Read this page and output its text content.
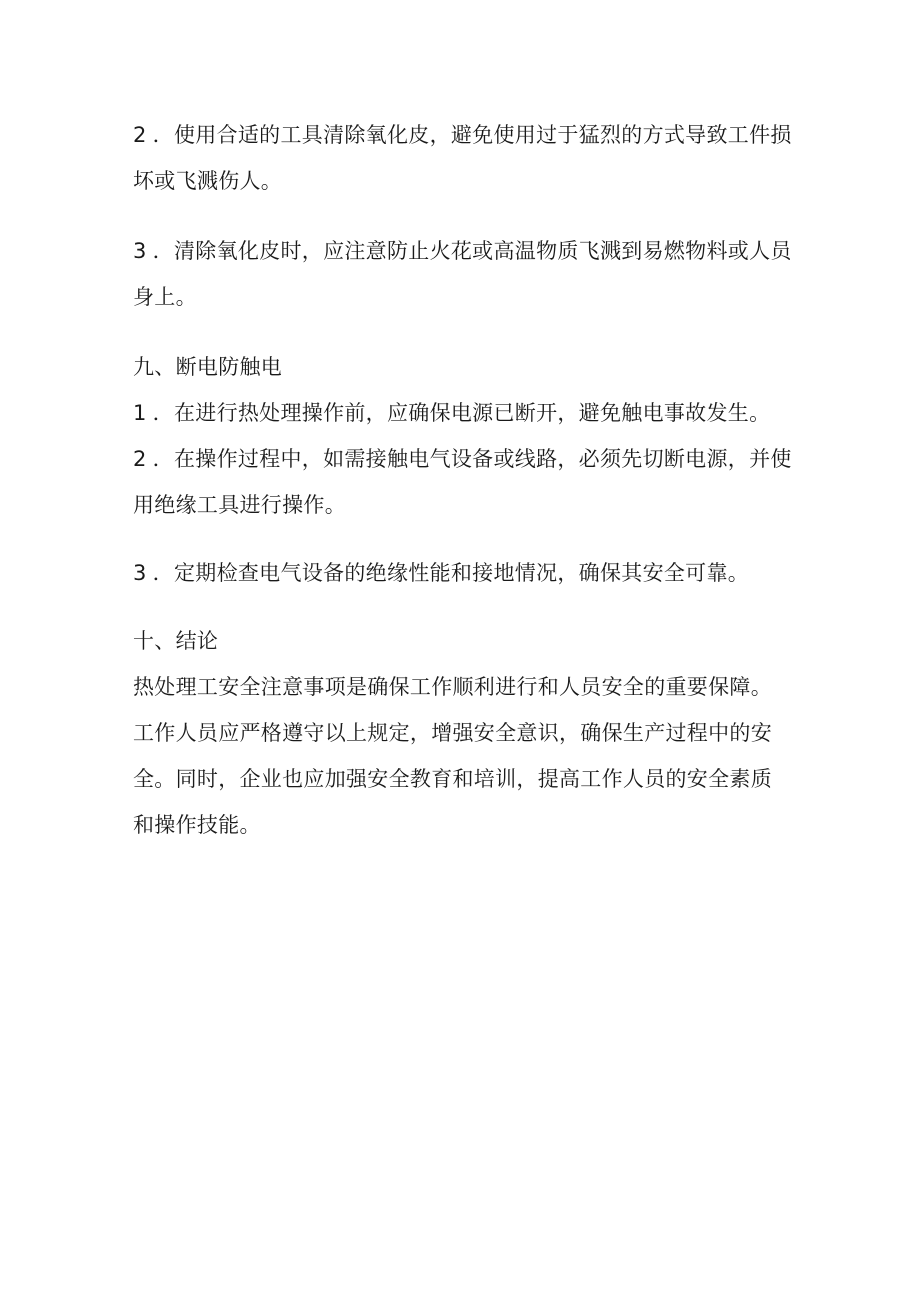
2 ．使用合适的工具清除氧化皮，避免使用过于猛烈的方式导致工件损
坏或飞溅伤人。
3 ．清除氧化皮时，应注意防止火花或高温物质飞溅到易燃物料或人员
身上。
九、断电防触电
1 ．在进行热处理操作前，应确保电源已断开，避免触电事故发生。
2 ．在操作过程中，如需接触电气设备或线路，必须先切断电源，并使
用绝缘工具进行操作。
3 ．定期检查电气设备的绝缘性能和接地情况，确保其安全可靠。
十、结论
热处理工安全注意事项是确保工作顺利进行和人员安全的重要保障。
工作人员应严格遵守以上规定，增强安全意识，确保生产过程中的安
全。同时，企业也应加强安全教育和培训，提高工作人员的安全素质
和操作技能。
